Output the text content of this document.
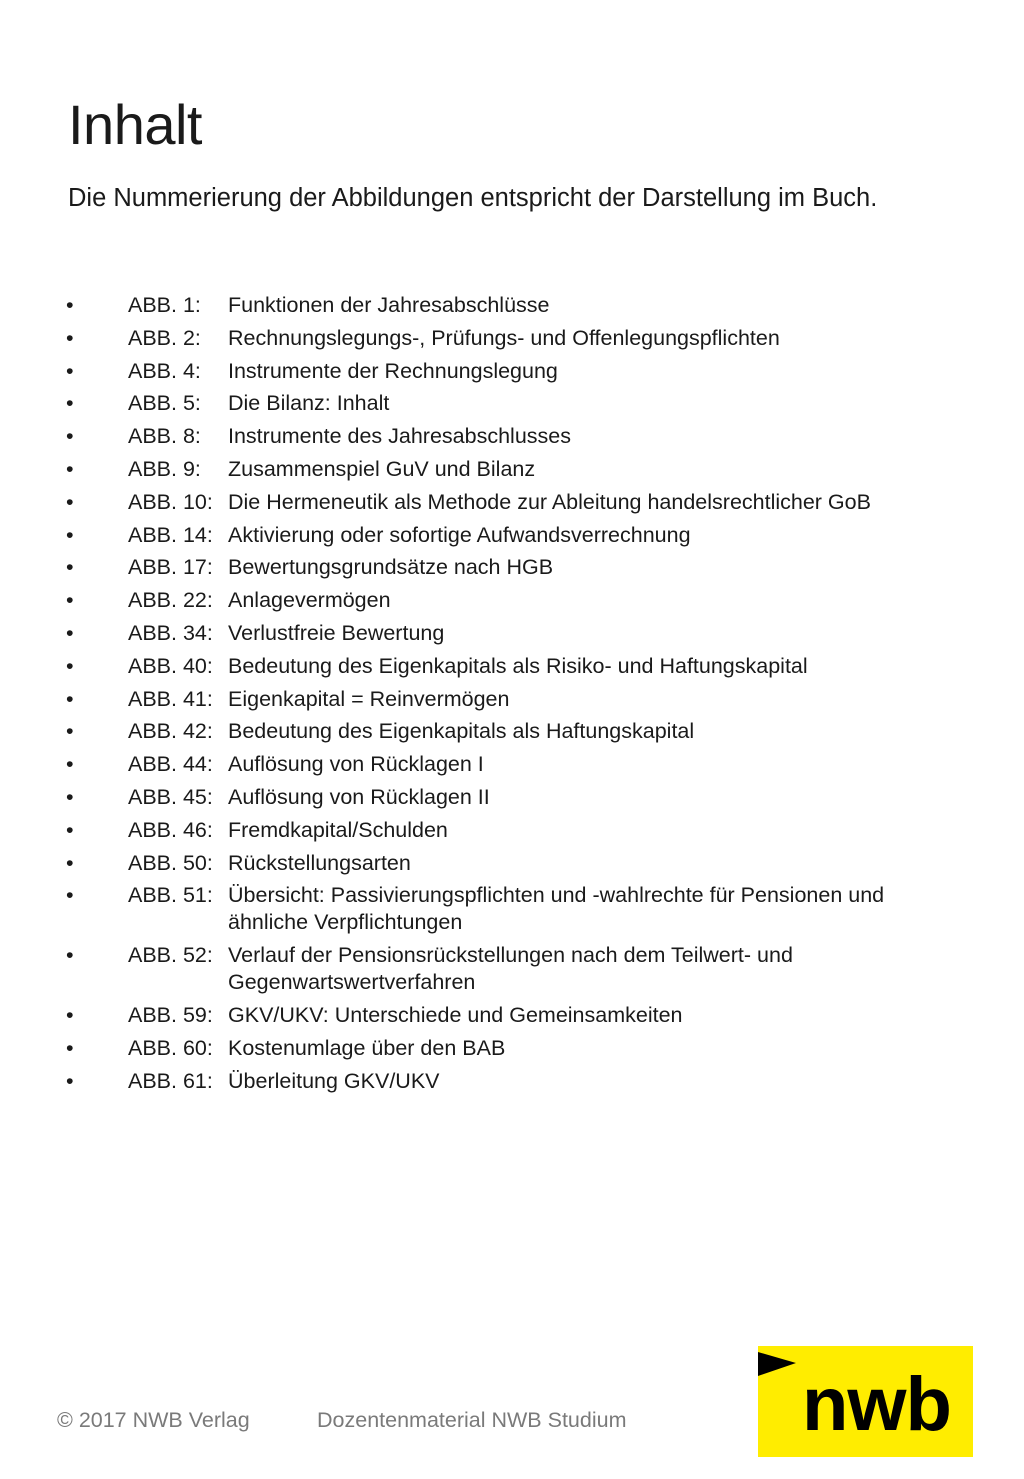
Inhalt

Die Nummerierung der Abbildungen entspricht der Darstellung im Buch.

•	ABB. 1: Funktionen der Jahresabschlüsse
•	ABB. 2: Rechnungslegungs-, Prüfungs- und Offenlegungspflichten
•	ABB. 4: Instrumente der Rechnungslegung
•	ABB. 5: Die Bilanz: Inhalt
•	ABB. 8: Instrumente des Jahresabschlusses
•	ABB. 9: Zusammenspiel GuV und Bilanz
•	ABB. 10: Die Hermeneutik als Methode zur Ableitung handelsrechtlicher GoB
•	ABB. 14: Aktivierung oder sofortige Aufwandsverrechnung
•	ABB. 17: Bewertungsgrundsätze nach HGB
•	ABB. 22: Anlagevermögen
•	ABB. 34: Verlustfreie Bewertung
•	ABB. 40: Bedeutung des Eigenkapitals als Risiko- und Haftungskapital
•	ABB. 41: Eigenkapital = Reinvermögen
•	ABB. 42: Bedeutung des Eigenkapitals als Haftungskapital
•	ABB. 44: Auflösung von Rücklagen I
•	ABB. 45: Auflösung von Rücklagen II
•	ABB. 46: Fremdkapital/Schulden
•	ABB. 50: Rückstellungsarten
•	ABB. 51: Übersicht: Passivierungspflichten und -wahlrechte für Pensionen und ähnliche Verpflichtungen
•	ABB. 52: Verlauf der Pensionsrückstellungen nach dem Teilwert- und Gegenwartswertverfahren
•	ABB. 59: GKV/UKV: Unterschiede und Gemeinsamkeiten
•	ABB. 60: Kostenumlage über den BAB
•	ABB. 61: Überleitung GKV/UKV
© 2017 NWB Verlag	Dozentenmaterial NWB Studium nwb
